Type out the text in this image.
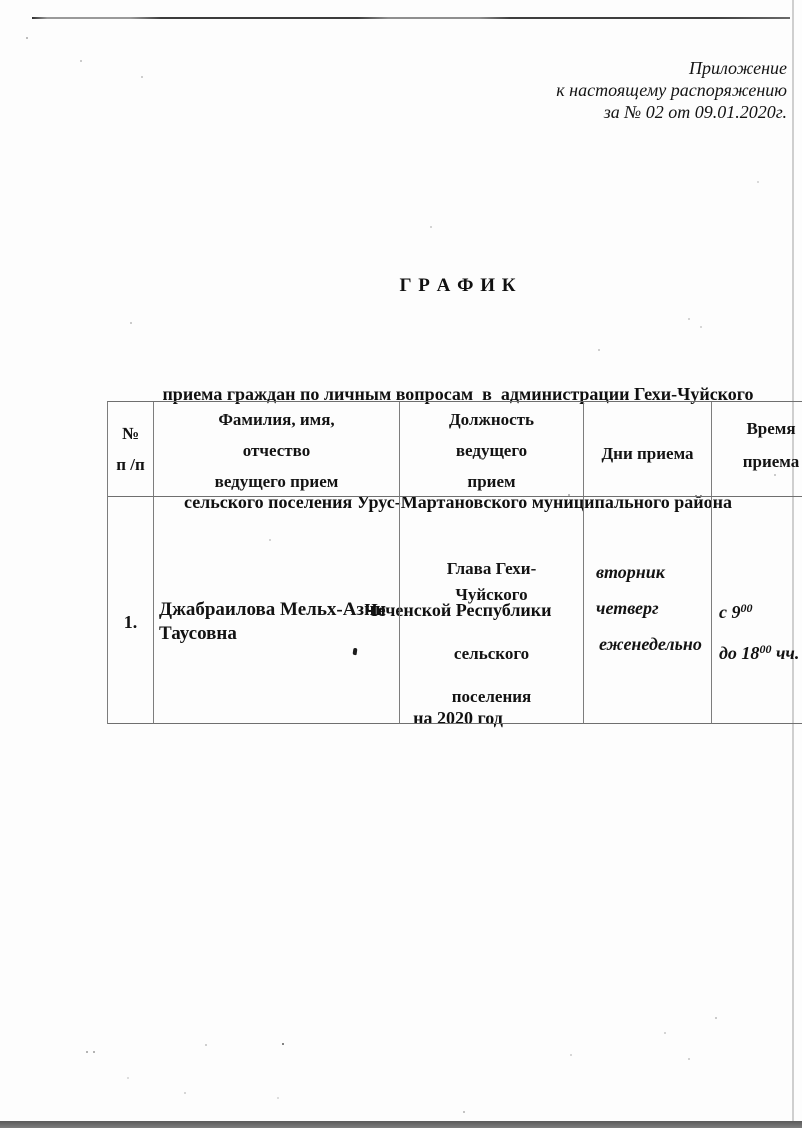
Приложение
к настоящему распоряжению
за № 02 от 09.01.2020г.

Г Р А Ф И К

приема граждан по личным вопросам  в  администрации Гехи-Чуйского

сельского поселения Урус-Мартановского муниципального района

Чеченской Республики

на 2020 год

№
п /п
Фамилия, имя,
отчество
ведущего прием
Должность
ведущего
прием
Дни приема
Время
приема
1.
Джабраилова Мельх-Азни
Таусовна
Глава Гехи-
Чуйского
сельского
поселения
вторник
четверг
еженедельно
с $9^{00}$
до $18^{00}$ чч.
